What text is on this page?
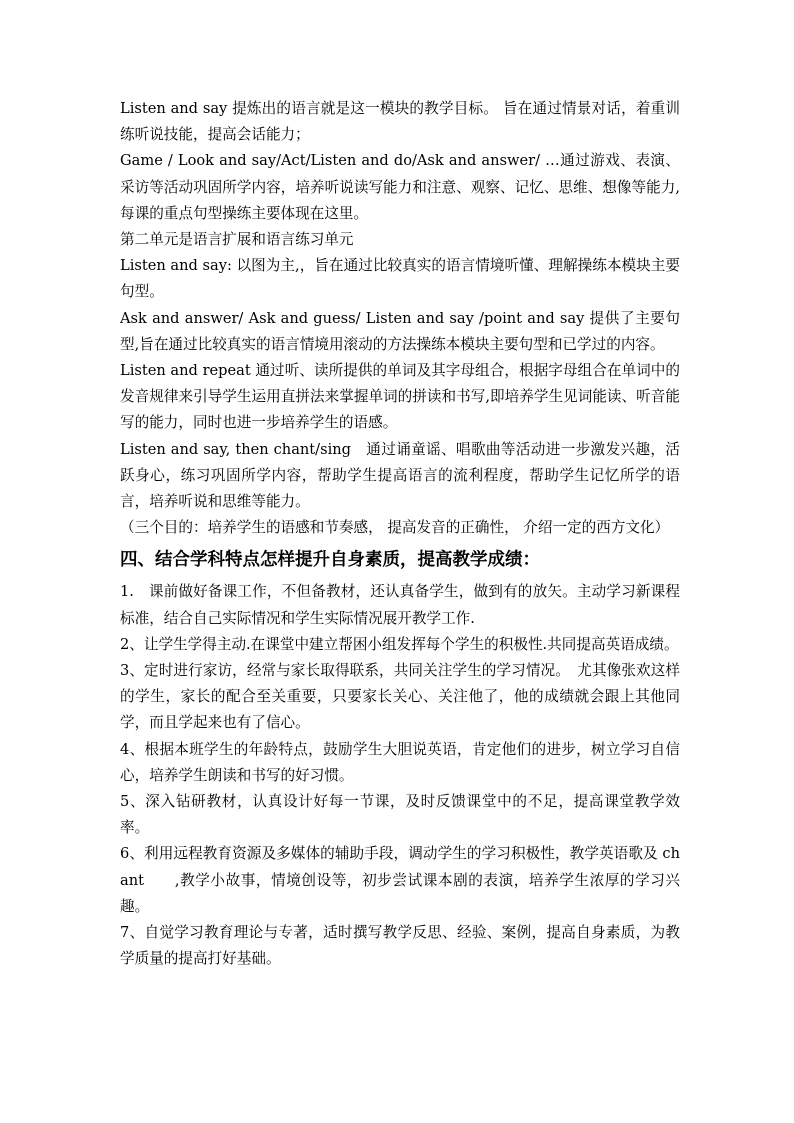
Listen and say 提炼出的语言就是这一模块的教学目标。 旨在通过情景对话，着重训练听说技能，提高会话能力；

Game / Look and say/Act/Listen and do/Ask and answer/ …通过游戏、表演、采访等活动巩固所学内容，培养听说读写能力和注意、观察、记忆、思维、想像等能力,每课的重点句型操练主要体现在这里。

第二单元是语言扩展和语言练习单元

Listen and say: 以图为主,，旨在通过比较真实的语言情境听懂、理解操练本模块主要句型。

Ask and answer/ Ask and guess/ Listen and say /point and say 提供了主要句型,旨在通过比较真实的语言情境用滚动的方法操练本模块主要句型和已学过的内容。

Listen and repeat 通过听、读所提供的单词及其字母组合，根据字母组合在单词中的发音规律来引导学生运用直拼法来掌握单词的拼读和书写,即培养学生见词能读、听音能写的能力，同时也进一步培养学生的语感。

Listen and say, then chant/sing　通过诵童谣、唱歌曲等活动进一步激发兴趣，活跃身心，练习巩固所学内容，帮助学生提高语言的流利程度，帮助学生记忆所学的语言，培养听说和思维等能力。

（三个目的：培养学生的语感和节奏感， 提高发音的正确性， 介绍一定的西方文化）

四、结合学科特点怎样提升自身素质，提高教学成绩：

1.　课前做好备课工作，不但备教材，还认真备学生，做到有的放矢。主动学习新课程标准，结合自己实际情况和学生实际情况展开教学工作.

2、让学生学得主动.在课堂中建立帮困小组发挥每个学生的积极性.共同提高英语成绩。

3、定时进行家访，经常与家长取得联系，共同关注学生的学习情况。　尤其像张欢这样的学生，家长的配合至关重要，只要家长关心、关注他了，他的成绩就会跟上其他同学，而且学起来也有了信心。

4、根据本班学生的年龄特点，鼓励学生大胆说英语，肯定他们的进步，树立学习自信心，培养学生朗读和书写的好习惯。

5、深入钻研教材，认真设计好每一节课，及时反馈课堂中的不足，提高课堂教学效率。

6、利用远程教育资源及多媒体的辅助手段，调动学生的学习积极性，教学英语歌及 chant　　,教学小故事，情境创设等，初步尝试课本剧的表演，培养学生浓厚的学习兴趣。

7、自觉学习教育理论与专著，适时撰写教学反思、经验、案例，提高自身素质，为教学质量的提高打好基础。
